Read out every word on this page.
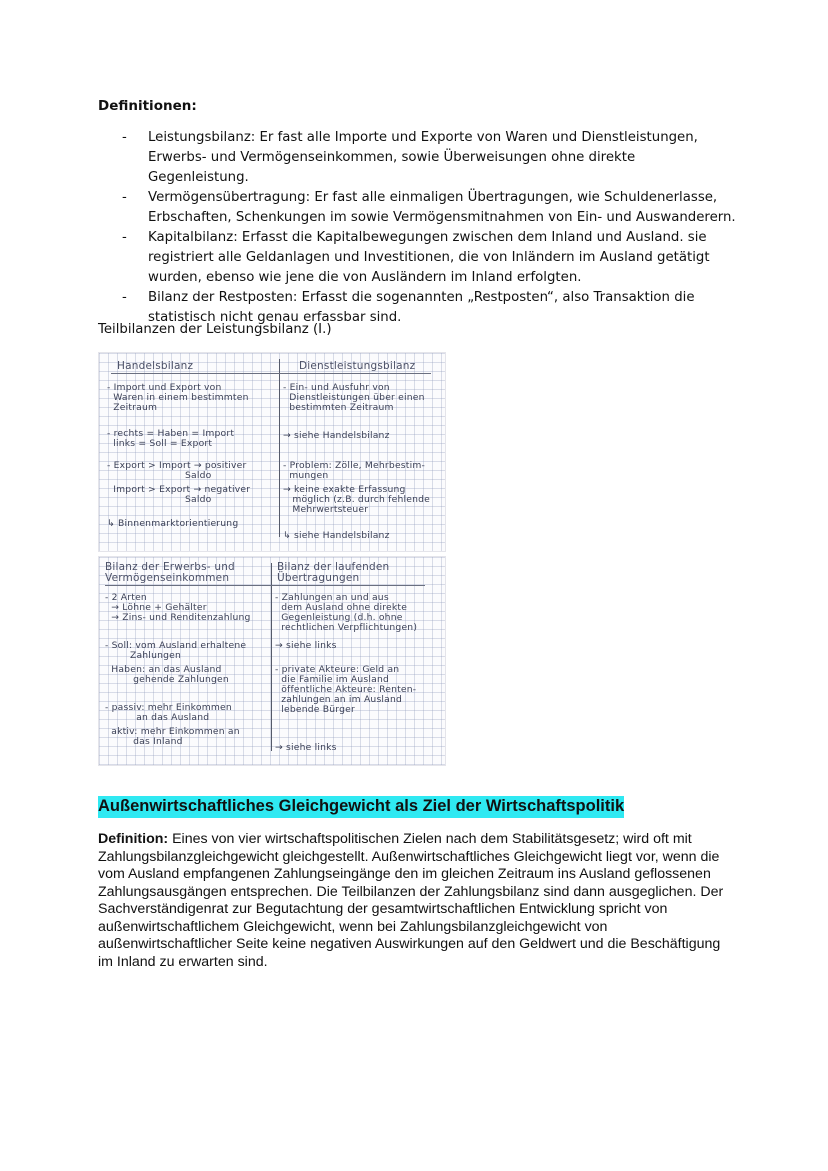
Definitionen:
- Leistungsbilanz: Er fast alle Importe und Exporte von Waren und Dienstleistungen, Erwerbs- und Vermögenseinkommen, sowie Überweisungen ohne direkte Gegenleistung.
- Vermögensübertragung: Er fast alle einmaligen Übertragungen, wie Schuldenerlasse, Erbschaften, Schenkungen im sowie Vermögensmitnahmen von Ein- und Auswanderern.
- Kapitalbilanz: Erfasst die Kapitalbewegungen zwischen dem Inland und Ausland. sie registriert alle Geldanlagen und Investitionen, die von Inländern im Ausland getätigt wurden, ebenso wie jene die von Ausländern im Inland erfolgten.
- Bilanz der Restposten: Erfasst die sogenannten „Restposten“, also Transaktion die statistisch nicht genau erfassbar sind.
Teilbilanzen der Leistungsbilanz (I.)
Handelsbilanz	Dienstleistungsbilanz
- Import und Export von
Waren in einem bestimmten
Zeitraum
- rechts = Haben = Import
links = Soll = Export
- Export > Import → positiver
Saldo
Import > Export → negativer
Saldo
↳ Binnenmarktorientierung
- Ein- und Ausfuhr von
Dienstleistungen über einen
bestimmten Zeitraum
→ siehe Handelsbilanz
- Problem: Zölle, Mehrbestim-
mungen
→ keine exakte Erfassung
möglich (z.B. durch fehlende
Mehrwertsteuer
↳ siehe Handelsbilanz
Bilanz der Erwerbs- und
Vermögenseinkommen
Bilanz der laufenden
Übertragungen
- 2 Arten
→ Löhne + Gehälter
→ Zins- und Renditenzahlung
- Soll: vom Ausland erhaltene
Zahlungen
Haben: an das Ausland
gehende Zahlungen
- passiv: mehr Einkommen
an das Ausland
aktiv: mehr Einkommen an
das Inland
- Zahlungen an und aus
dem Ausland ohne direkte
Gegenleistung (d.h. ohne
rechtlichen Verpflichtungen)
→ siehe links
- private Akteure: Geld an
die Familie im Ausland
öffentliche Akteure: Renten-
zahlungen an im Ausland
lebende Bürger
→ siehe links
Außenwirtschaftliches Gleichgewicht als Ziel der Wirtschaftspolitik
Definition: Eines von vier wirtschaftspolitischen Zielen nach dem Stabilitätsgesetz; wird oft mit Zahlungsbilanzgleichgewicht gleichgestellt. Außenwirtschaftliches Gleichgewicht liegt vor, wenn die vom Ausland empfangenen Zahlungseingänge den im gleichen Zeitraum ins Ausland geflossenen Zahlungsausgängen entsprechen. Die Teilbilanzen der Zahlungsbilanz sind dann ausgeglichen. Der Sachverständigenrat zur Begutachtung der gesamtwirtschaftlichen Entwicklung spricht von außenwirtschaftlichem Gleichgewicht, wenn bei Zahlungsbilanzgleichgewicht von außenwirtschaftlicher Seite keine negativen Auswirkungen auf den Geldwert und die Beschäftigung im Inland zu erwarten sind.
